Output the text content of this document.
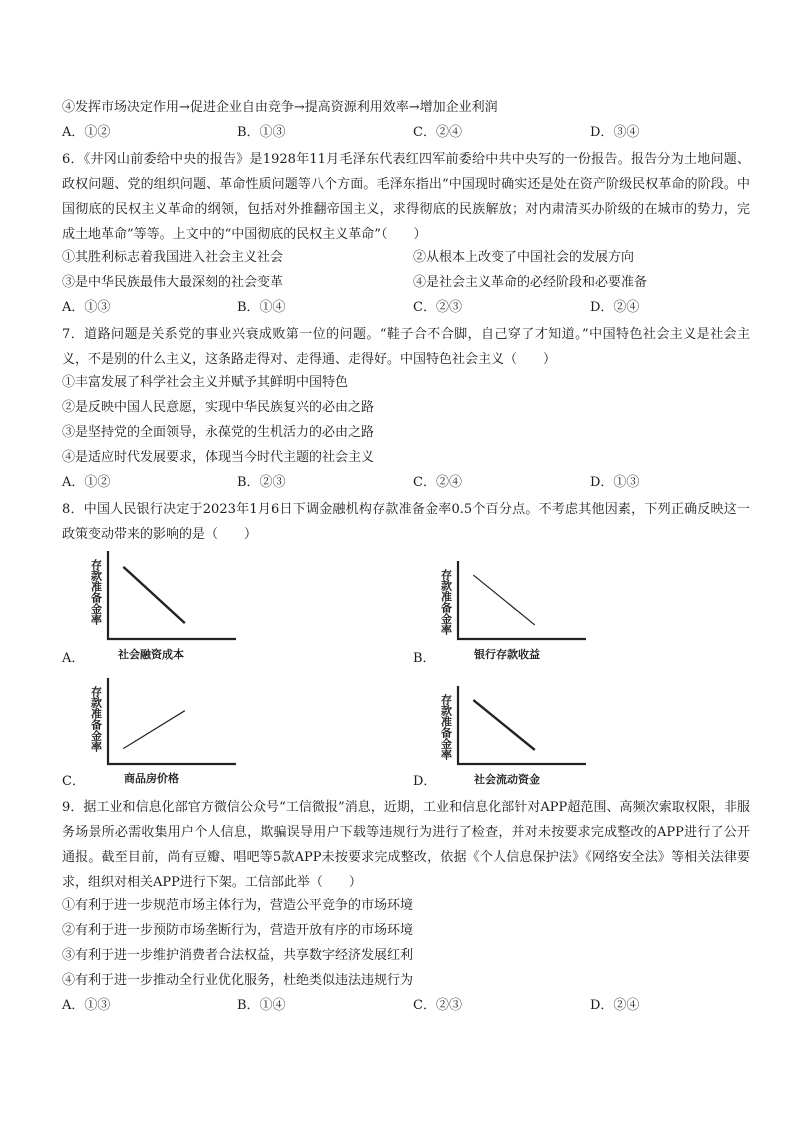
④发挥市场决定作用→促进企业自由竞争→提高资源利用效率→增加企业利润
A．①②	B．①③	C．②④	D．③④
6．《井冈山前委给中央的报告》是1928年11月毛泽东代表红四军前委给中共中央写的一份报告。报告分为土地问题、政权问题、党的组织问题、革命性质问题等八个方面。毛泽东指出“中国现时确实还是处在资产阶级民权革命的阶段。中国彻底的民权主义革命的纲领，包括对外推翻帝国主义，求得彻底的民族解放；对内肃清买办阶级的在城市的势力，完成土地革命”等等。上文中的“中国彻底的民权主义革命”（　　）
①其胜利标志着我国进入社会主义社会	②从根本上改变了中国社会的发展方向
③是中华民族最伟大最深刻的社会变革	④是社会主义革命的必经阶段和必要准备
A．①③	B．①④	C．②③	D．②④
7．道路问题是关系党的事业兴衰成败第一位的问题。“鞋子合不合脚，自己穿了才知道。”中国特色社会主义是社会主义，不是别的什么主义，这条路走得对、走得通、走得好。中国特色社会主义（　　）
①丰富发展了科学社会主义并赋予其鲜明中国特色
②是反映中国人民意愿，实现中华民族复兴的必由之路
③是坚持党的全面领导，永葆党的生机活力的必由之路
④是适应时代发展要求，体现当今时代主题的社会主义
A．①②	B．②③	C．②④	D．①③
8．中国人民银行决定于2023年1月6日下调金融机构存款准备金率0.5个百分点。不考虑其他因素，下列正确反映这一政策变动带来的影响的是（　　）
A．
存款准备金率
社会融资成本	B．
存款准备金率
银行存款收益
C．
存款准备金率
商品房价格	D．
存款准备金率
社会流动资金
9．据工业和信息化部官方微信公众号“工信微报”消息，近期，工业和信息化部针对APP超范围、高频次索取权限，非服务场景所必需收集用户个人信息，欺骗误导用户下载等违规行为进行了检查，并对未按要求完成整改的APP进行了公开通报。截至目前，尚有豆瓣、唱吧等5款APP未按要求完成整改，依据《个人信息保护法》《网络安全法》等相关法律要求，组织对相关APP进行下架。工信部此举（　　）
①有利于进一步规范市场主体行为，营造公平竞争的市场环境
②有利于进一步预防市场垄断行为，营造开放有序的市场环境
③有利于进一步维护消费者合法权益，共享数字经济发展红利
④有利于进一步推动全行业优化服务，杜绝类似违法违规行为
A．①③	B．①④	C．②③	D．②④
